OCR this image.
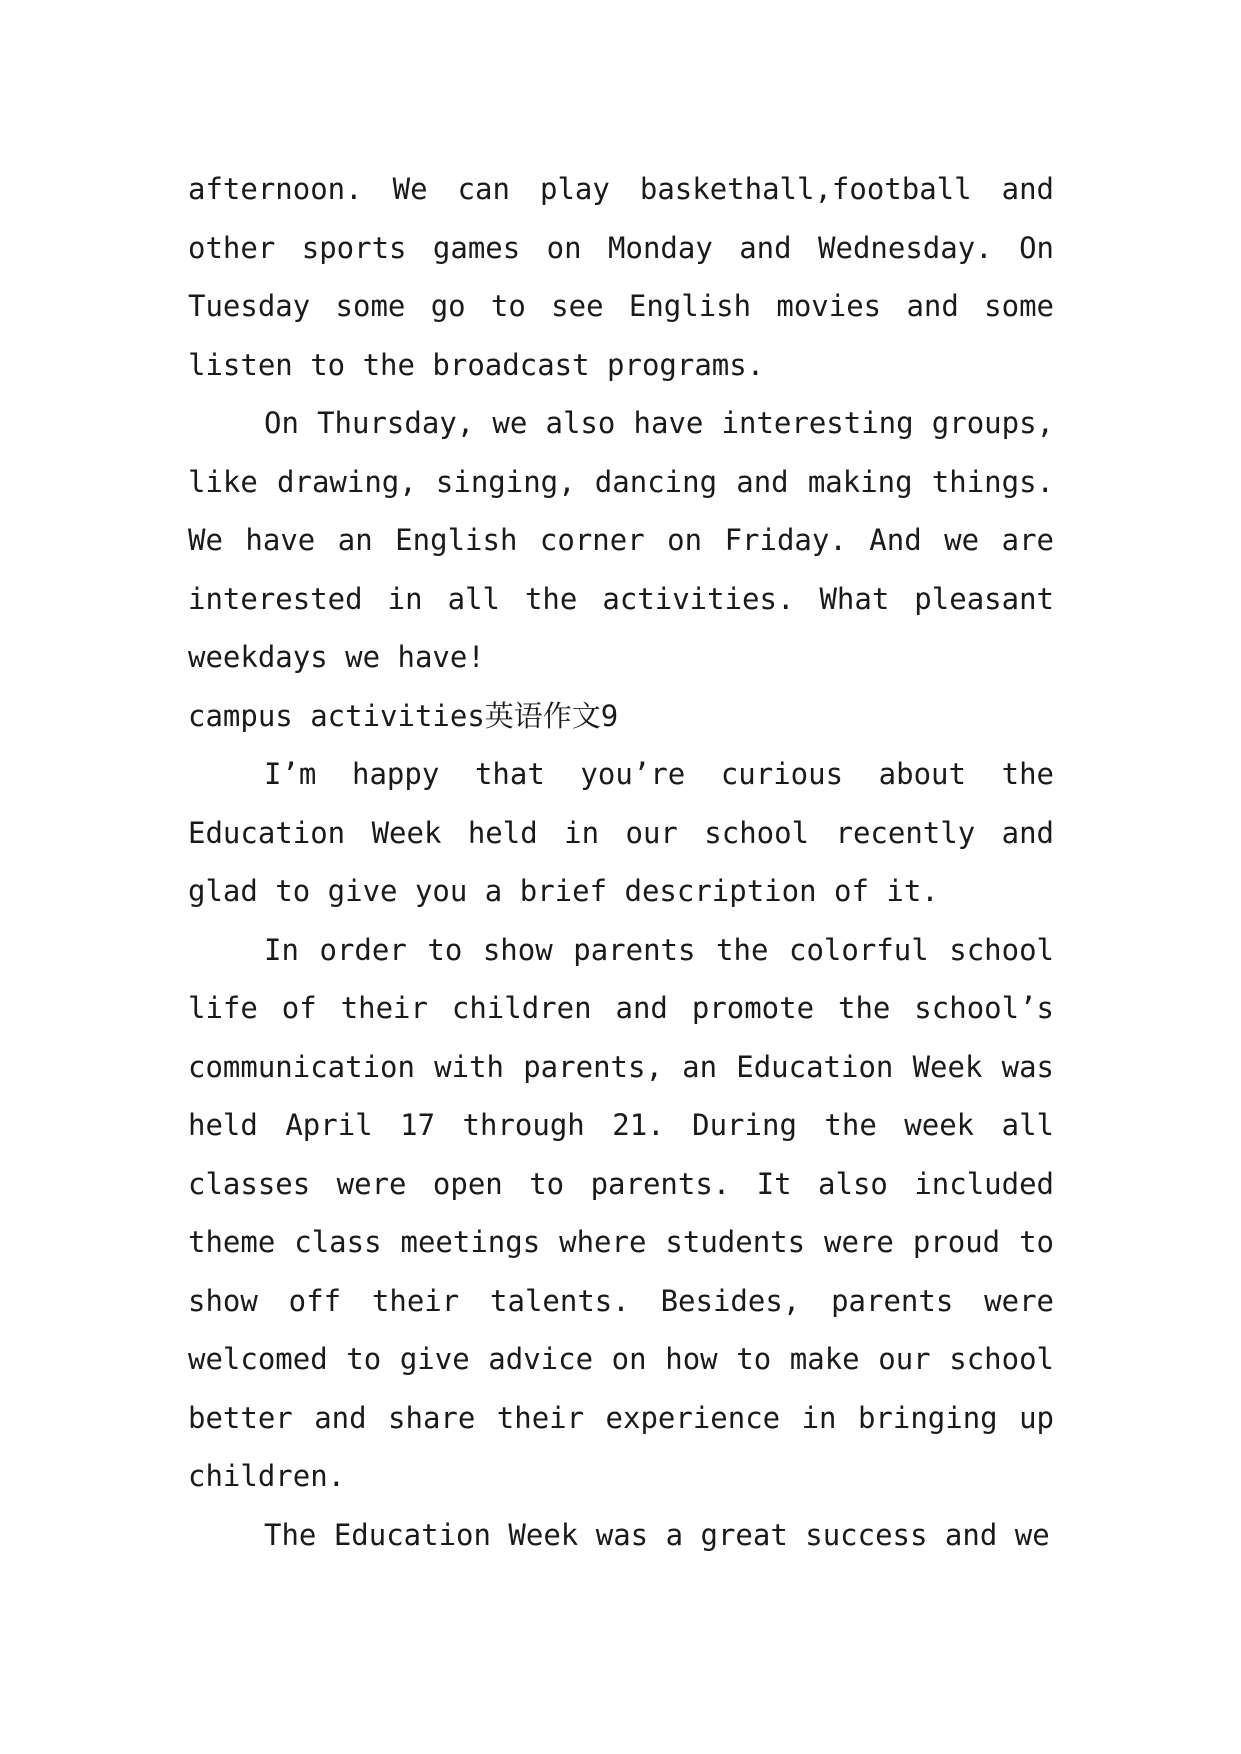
afternoon. We can play baskethall,football and other sports games on Monday and Wednesday. On Tuesday some go to see English movies and some listen to the broadcast programs.

On Thursday, we also have interesting groups, like drawing, singing, dancing and making things. We have an English corner on Friday. And we are interested in all the activities. What pleasant weekdays we have!

campus activities英语作文9

I’m happy that you’re curious about the Education Week held in our school recently and glad to give you a brief description of it.

In order to show parents the colorful school life of their children and promote the school’s communication with parents, an Education Week was held April 17 through 21. During the week all classes were open to parents. It also included theme class meetings where students were proud to show off their talents. Besides, parents were welcomed to give advice on how to make our school better and share their experience in bringing up children.

The Education Week was a great success and we
